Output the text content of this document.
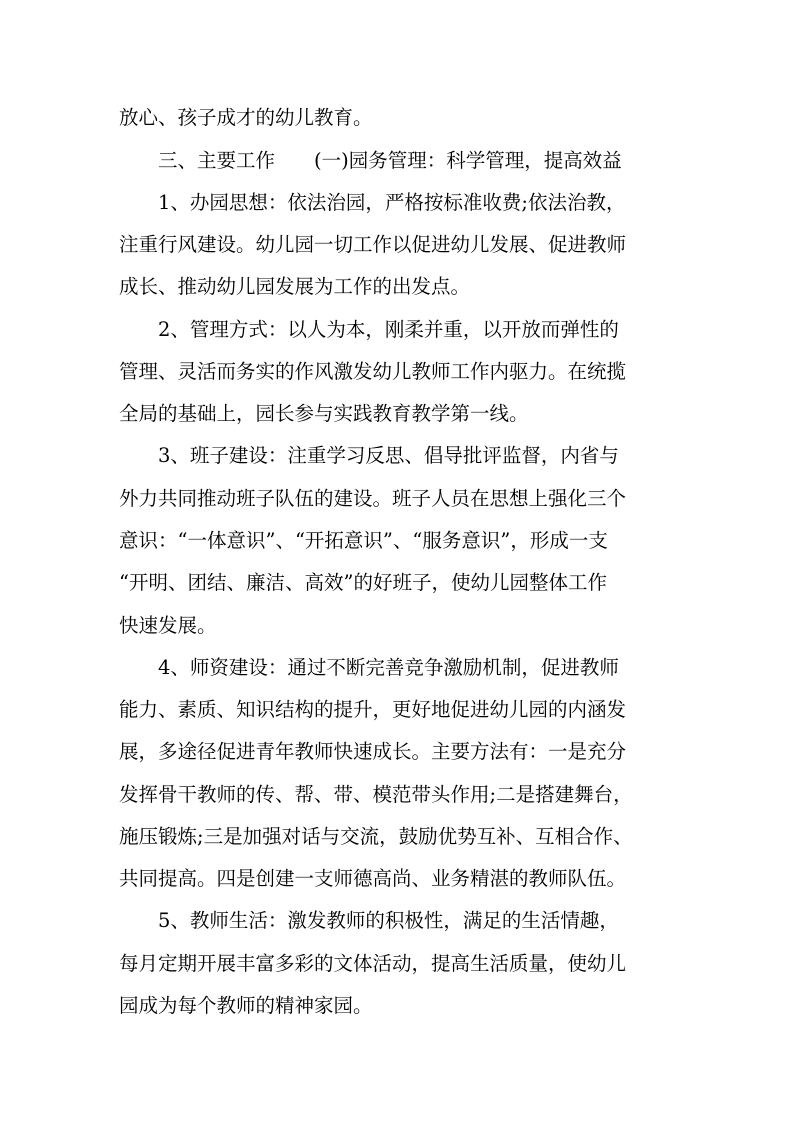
放心、孩子成才的幼儿教育。
三、主要工作　　(一)园务管理：科学管理，提高效益
1、办园思想：依法治园，严格按标准收费;依法治教，
注重行风建设。幼儿园一切工作以促进幼儿发展、促进教师
成长、推动幼儿园发展为工作的出发点。
2、管理方式：以人为本，刚柔并重，以开放而弹性的
管理、灵活而务实的作风激发幼儿教师工作内驱力。在统揽
全局的基础上，园长参与实践教育教学第一线。
3、班子建设：注重学习反思、倡导批评监督，内省与
外力共同推动班子队伍的建设。班子人员在思想上强化三个
意识：“一体意识”、“开拓意识”、“服务意识”，形成一支
“开明、团结、廉洁、高效”的好班子，使幼儿园整体工作
快速发展。
4、师资建设：通过不断完善竞争激励机制，促进教师
能力、素质、知识结构的提升，更好地促进幼儿园的内涵发
展，多途径促进青年教师快速成长。主要方法有：一是充分
发挥骨干教师的传、帮、带、模范带头作用;二是搭建舞台，
施压锻炼;三是加强对话与交流，鼓励优势互补、互相合作、
共同提高。四是创建一支师德高尚、业务精湛的教师队伍。
5、教师生活：激发教师的积极性，满足的生活情趣，
每月定期开展丰富多彩的文体活动，提高生活质量，使幼儿
园成为每个教师的精神家园。
